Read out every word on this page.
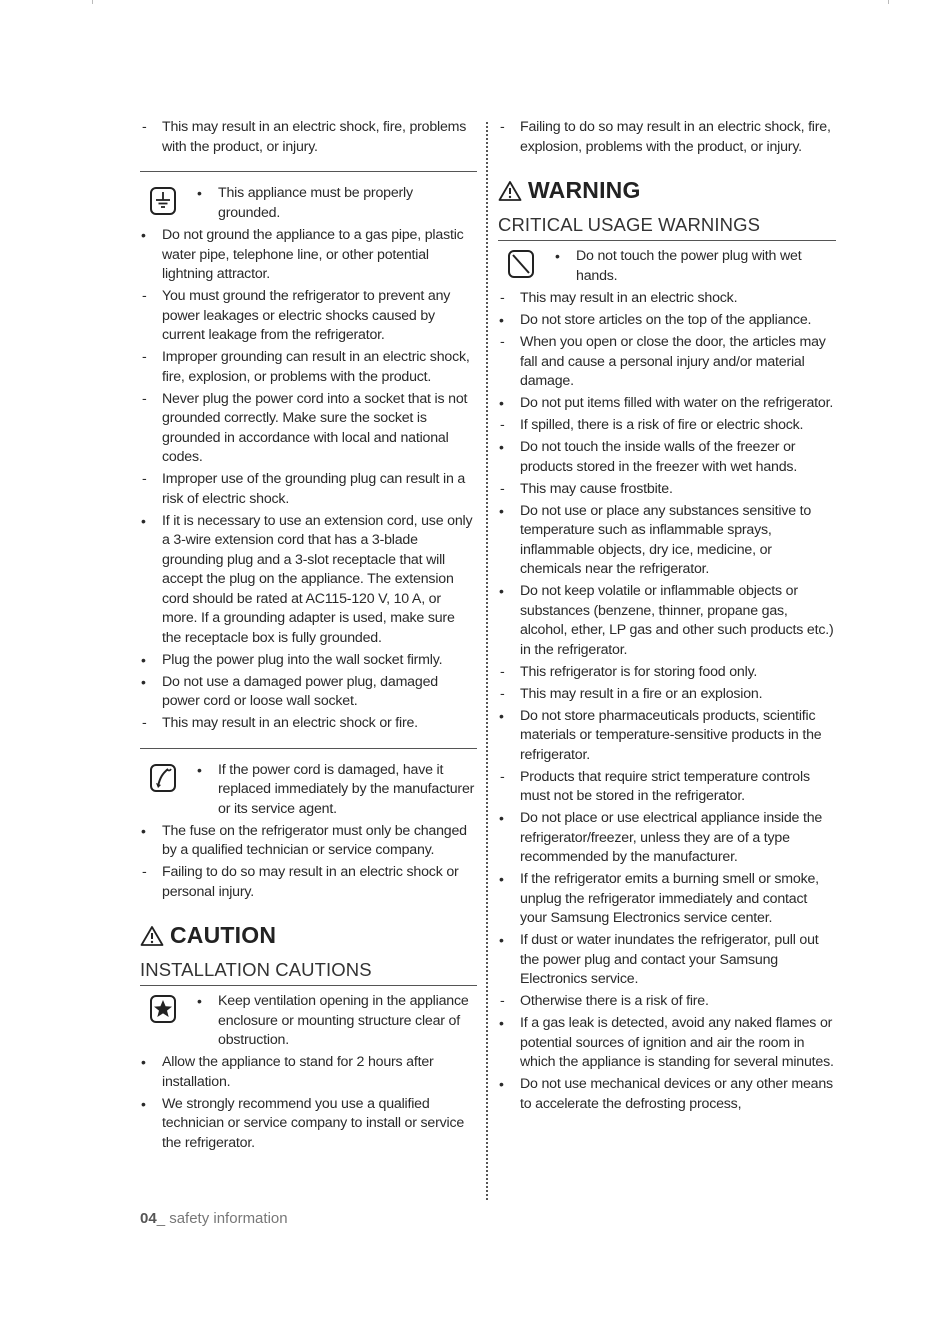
This may result in an electric shock, fire, problems with the product, or injury.
This appliance must be properly grounded.
Do not ground the appliance to a gas pipe, plastic water pipe, telephone line, or other potential lightning attractor.
You must ground the refrigerator to prevent any power leakages or electric shocks caused by current leakage from the refrigerator.
Improper grounding can result in an electric shock, fire, explosion, or problems with the product.
Never plug the power cord into a socket that is not grounded correctly. Make sure the socket is grounded in accordance with local and national codes.
Improper use of the grounding plug can result in a risk of electric shock.
If it is necessary to use an extension cord, use only a 3-wire extension cord that has a 3-blade grounding plug and a 3-slot receptacle that will accept the plug on the appliance. The extension cord should be rated at AC115-120 V, 10 A, or more. If a grounding adapter is used, make sure the receptacle box is fully grounded.
Plug the power plug into the wall socket firmly.
Do not use a damaged power plug, damaged power cord or loose wall socket.
This may result in an electric shock or fire.
If the power cord is damaged, have it replaced immediately by the manufacturer or its service agent.
The fuse on the refrigerator must only be changed by a qualified technician or service company.
Failing to do so may result in an electric shock or personal injury.
CAUTION
INSTALLATION CAUTIONS
Keep ventilation opening in the appliance enclosure or mounting structure clear of obstruction.
Allow the appliance to stand for 2 hours after installation.
We strongly recommend you use a qualified technician or service company to install or service the refrigerator.
Failing to do so may result in an electric shock, fire, explosion, problems with the product, or injury.
WARNING
CRITICAL USAGE WARNINGS
Do not touch the power plug with wet hands.
This may result in an electric shock.
Do not store articles on the top of the appliance.
When you open or close the door, the articles may fall and cause a personal injury and/or material damage.
Do not put items filled with water on the refrigerator.
If spilled, there is a risk of fire or electric shock.
Do not touch the inside walls of the freezer or products stored in the freezer with wet hands.
This may cause frostbite.
Do not use or place any substances sensitive to temperature such as inflammable sprays, inflammable objects, dry ice, medicine, or chemicals near the refrigerator.
Do not keep volatile or inflammable objects or substances (benzene, thinner, propane gas, alcohol, ether, LP gas and other such products etc.) in the refrigerator.
This refrigerator is for storing food only.
This may result in a fire or an explosion.
Do not store pharmaceuticals products, scientific materials or temperature-sensitive products in the refrigerator.
Products that require strict temperature controls must not be stored in the refrigerator.
Do not place or use electrical appliance inside the refrigerator/freezer, unless they are of a type recommended by the manufacturer.
If the refrigerator emits a burning smell or smoke, unplug the refrigerator immediately and contact your Samsung Electronics service center.
If dust or water inundates the refrigerator, pull out the power plug and contact your Samsung Electronics service.
Otherwise there is a risk of fire.
If a gas leak is detected, avoid any naked flames or potential sources of ignition and air the room in which the appliance is standing for several minutes.
Do not use mechanical devices or any other means to accelerate the defrosting process,
04_ safety information
